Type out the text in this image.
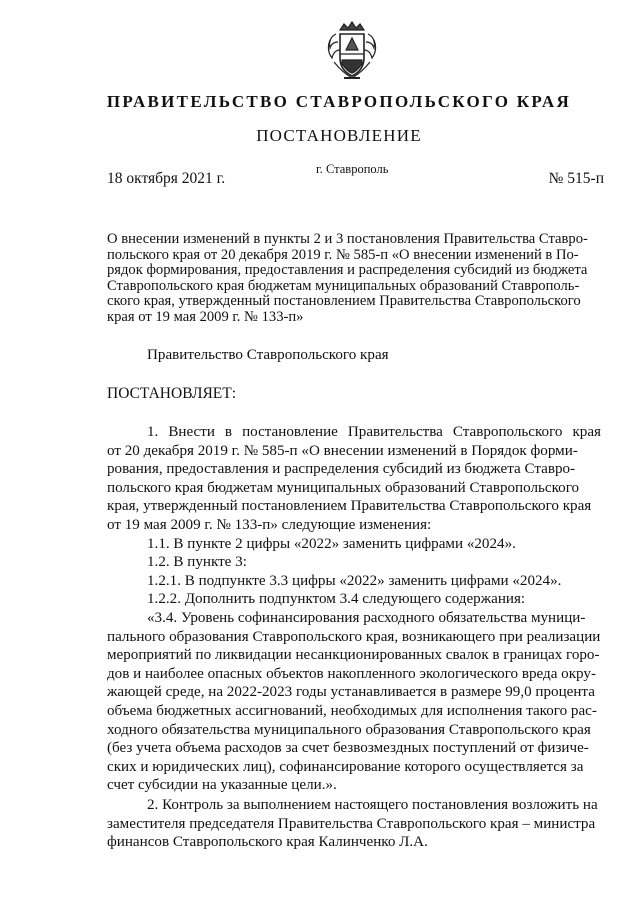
ПРАВИТЕЛЬСТВО СТАВРОПОЛЬСКОГО КРАЯ
ПОСТАНОВЛЕНИЕ
18 октября 2021 г.
г. Ставрополь
№ 515-п
О внесении изменений в пункты 2 и 3 постановления Правительства Ставро-
польского края от 20 декабря 2019 г. № 585-п «О внесении изменений в По-
рядок формирования, предоставления и распределения субсидий из бюджета
Ставропольского края бюджетам муниципальных образований Ставрополь-
ского края, утвержденный постановлением Правительства Ставропольского
края от 19 мая 2009 г. № 133-п»
Правительство Ставропольского края
ПОСТАНОВЛЯЕТ:
1. Внести в постановление Правительства Ставропольского края
от 20 декабря 2019 г. № 585-п «О внесении изменений в Порядок форми-
рования, предоставления и распределения субсидий из бюджета Ставро-
польского края бюджетам муниципальных образований Ставропольского
края, утвержденный постановлением Правительства Ставропольского края
от 19 мая 2009 г. № 133-п» следующие изменения:
1.1. В пункте 2 цифры «2022» заменить цифрами «2024».
1.2. В пункте 3:
1.2.1. В подпункте 3.3 цифры «2022» заменить цифрами «2024».
1.2.2. Дополнить подпунктом 3.4 следующего содержания:
«3.4. Уровень софинансирования расходного обязательства муници-
пального образования Ставропольского края, возникающего при реализации
мероприятий по ликвидации несанкционированных свалок в границах горо-
дов и наиболее опасных объектов накопленного экологического вреда окру-
жающей среде, на 2022-2023 годы устанавливается в размере 99,0 процента
объема бюджетных ассигнований, необходимых для исполнения такого рас-
ходного обязательства муниципального образования Ставропольского края
(без учета объема расходов за счет безвозмездных поступлений от физиче-
ских и юридических лиц), софинансирование которого осуществляется за
счет субсидии на указанные цели.».
2. Контроль за выполнением настоящего постановления возложить на
заместителя председателя Правительства Ставропольского края – министра
финансов Ставропольского края Калинченко Л.А.
